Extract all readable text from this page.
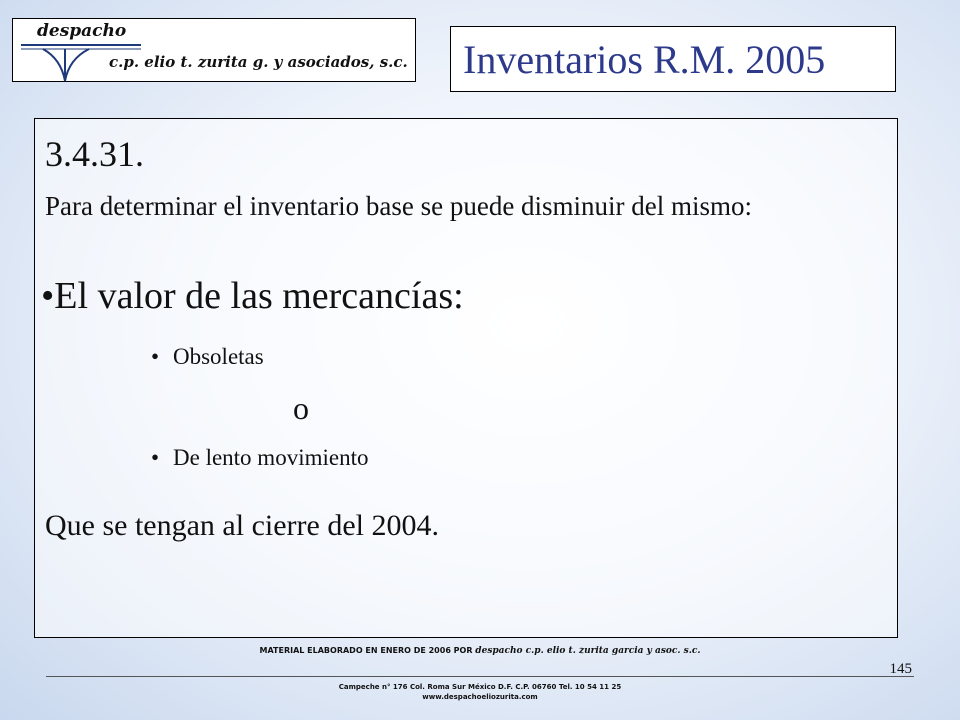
despacho
c.p. elio t. zurita g. y asociados, s.c. Inventarios R.M. 2005
3.4.31.

Para determinar el inventario base se puede disminuir del mismo:

•El valor de las mercancías:
• Obsoletas
o
• De lento movimiento
Que se tengan al cierre del 2004.
MATERIAL ELABORADO EN ENERO DE 2006 POR despacho c.p. elio t. zurita garcia y asoc. s.c.
145
Campeche n° 176 Col. Roma Sur México D.F. C.P. 06760 Tel. 10 54 11 25
www.despachoeliozurita.com
